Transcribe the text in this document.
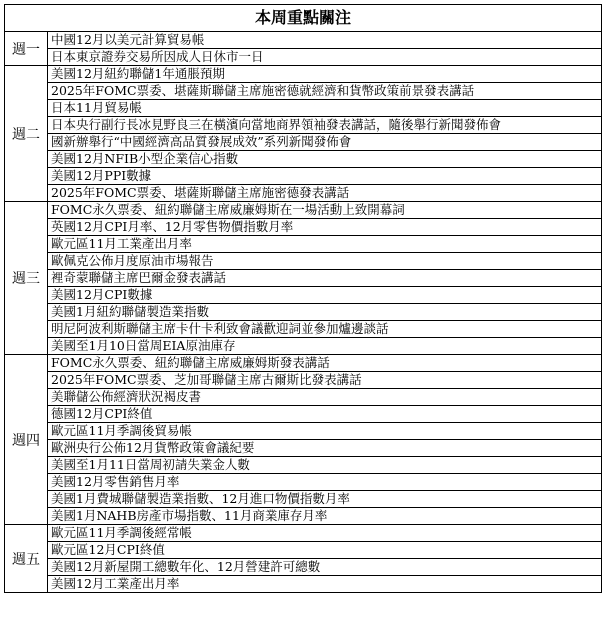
本周重點關注
週一
中國12月以美元計算貿易帳
日本東京證券交易所因成人日休市一日
週二
美國12月紐約聯儲1年通脹預期
2025年FOMC票委、堪薩斯聯儲主席施密德就經濟和貨幣政策前景發表講話
日本11月貿易帳
日本央行副行長冰見野良三在橫濱向當地商界領袖發表講話，隨後舉行新聞發佈會
國新辦舉行“中國經濟高品質發展成效”系列新聞發佈會
美國12月NFIB小型企業信心指數
美國12月PPI數據
2025年FOMC票委、堪薩斯聯儲主席施密德發表講話
週三
FOMC永久票委、紐約聯儲主席威廉姆斯在一場活動上致開幕詞
英國12月CPI月率、12月零售物價指數月率
歐元區11月工業產出月率
歐佩克公佈月度原油市場報告
裡奇蒙聯儲主席巴爾金發表講話
美國12月CPI數據
美國1月紐約聯儲製造業指數
明尼阿波利斯聯儲主席卡什卡利致會議歡迎詞並參加爐邊談話
美國至1月10日當周EIA原油庫存
週四
FOMC永久票委、紐約聯儲主席威廉姆斯發表講話
2025年FOMC票委、芝加哥聯儲主席古爾斯比發表講話
美聯儲公佈經濟狀況褐皮書
德國12月CPI終值
歐元區11月季調後貿易帳
歐洲央行公佈12月貨幣政策會議紀要
美國至1月11日當周初請失業金人數
美國12月零售銷售月率
美國1月費城聯儲製造業指數、12月進口物價指數月率
美國1月NAHB房產市場指數、11月商業庫存月率
週五
歐元區11月季調後經常帳
歐元區12月CPI終值
美國12月新屋開工總數年化、12月營建許可總數
美國12月工業產出月率
